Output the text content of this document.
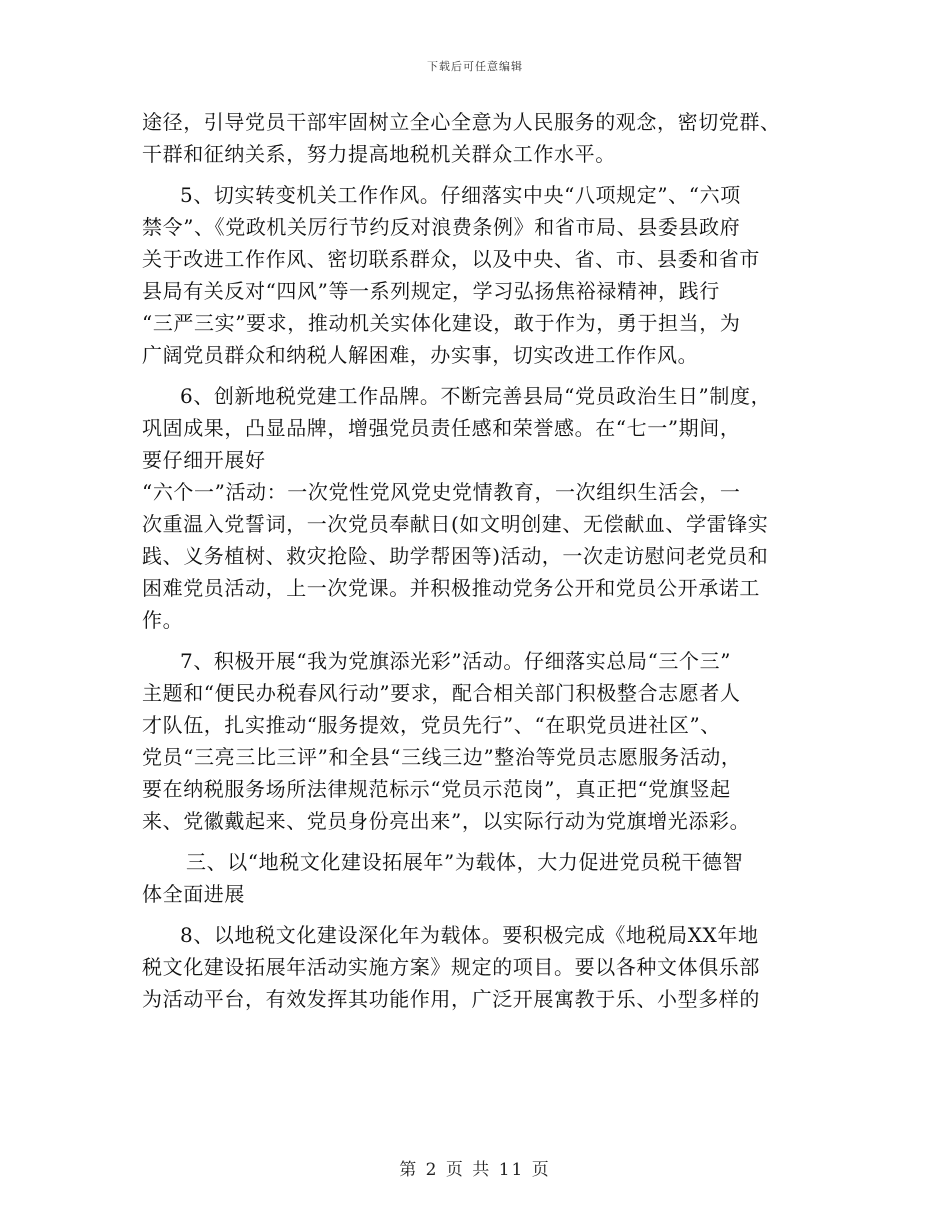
下载后可任意编辑
途径，引导党员干部牢固树立全心全意为人民服务的观念，密切党群、
干群和征纳关系，努力提高地税机关群众工作水平。
5、切实转变机关工作作风。仔细落实中央“八项规定”、“六项
禁令”、《党政机关厉行节约反对浪费条例》和省市局、县委县政府
关于改进工作作风、密切联系群众，以及中央、省、市、县委和省市
县局有关反对“四风”等一系列规定，学习弘扬焦裕禄精神，践行
“三严三实”要求，推动机关实体化建设，敢于作为，勇于担当，为
广阔党员群众和纳税人解困难，办实事，切实改进工作作风。
6、创新地税党建工作品牌。不断完善县局“党员政治生日”制度，
巩固成果，凸显品牌，增强党员责任感和荣誉感。在“七一”期间，
要仔细开展好
“六个一”活动：一次党性党风党史党情教育，一次组织生活会，一
次重温入党誓词，一次党员奉献日(如文明创建、无偿献血、学雷锋实
践、义务植树、救灾抢险、助学帮困等)活动，一次走访慰问老党员和
困难党员活动，上一次党课。并积极推动党务公开和党员公开承诺工
作。
7、积极开展“我为党旗添光彩”活动。仔细落实总局“三个三”
主题和“便民办税春风行动”要求，配合相关部门积极整合志愿者人
才队伍，扎实推动“服务提效，党员先行”、“在职党员进社区”、
党员“三亮三比三评”和全县“三线三边”整治等党员志愿服务活动，
要在纳税服务场所法律规范标示“党员示范岗”，真正把“党旗竖起
来、党徽戴起来、党员身份亮出来”，以实际行动为党旗增光添彩。
三、以“地税文化建设拓展年”为载体，大力促进党员税干德智
体全面进展
8、以地税文化建设深化年为载体。要积极完成《地税局XX年地
税文化建设拓展年活动实施方案》规定的项目。要以各种文体俱乐部
为活动平台，有效发挥其功能作用，广泛开展寓教于乐、小型多样的
第 2 页 共 11 页
